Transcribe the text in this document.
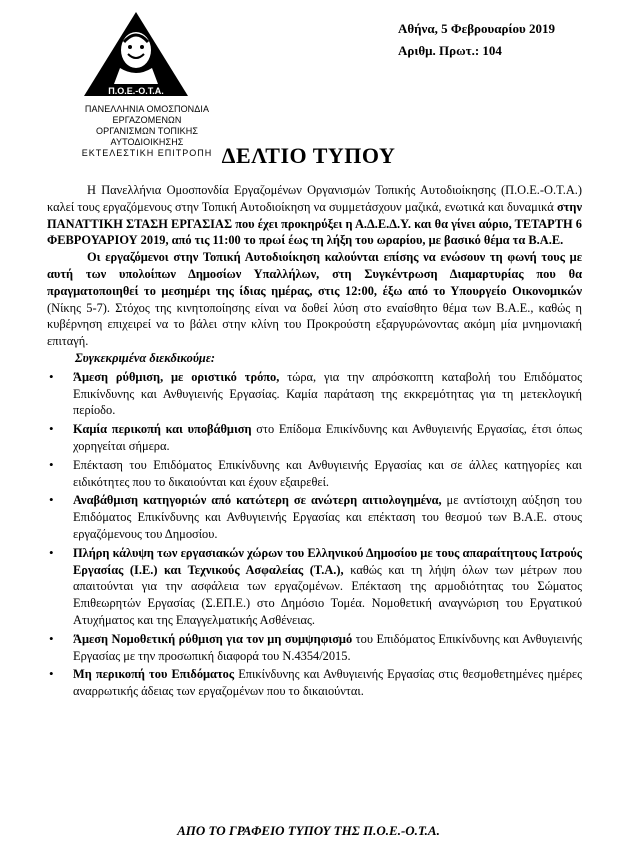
Π.Ο.Ε.-Ο.Τ.Α.
ΠΑΝΕΛΛΗΝΙΑ ΟΜΟΣΠΟΝΔΙΑ ΕΡΓΑΖΟΜΕΝΩΝ
ΟΡΓΑΝΙΣΜΩΝ ΤΟΠΙΚΗΣ ΑΥΤΟΔΙΟΙΚΗΣΗΣ
ΕΚΤΕΛΕΣΤΙΚΗ ΕΠΙΤΡΟΠΗ
Αθήνα, 5 Φεβρουαρίου 2019
Αριθμ. Πρωτ.: 104
ΔΕΛΤΙΟ ΤΥΠΟΥ

Η Πανελλήνια Ομοσπονδία Εργαζομένων Οργανισμών Τοπικής Αυτοδιοίκησης (Π.Ο.Ε.-Ο.Τ.Α.) καλεί τους εργαζόμενους στην Τοπική Αυτοδιοίκηση να συμμετάσχουν μαζικά, ενωτικά και δυναμικά στην ΠΑΝΑΤΤΙΚΗ ΣΤΑΣΗ ΕΡΓΑΣΙΑΣ που έχει προκηρύξει η Α.Δ.Ε.Δ.Υ. και θα γίνει αύριο, ΤΕΤΑΡΤΗ 6 ΦΕΒΡΟΥΑΡΙΟΥ 2019, από τις 11:00 το πρωί έως τη λήξη του ωραρίου, με βασικό θέμα τα Β.Α.Ε.

Οι εργαζόμενοι στην Τοπική Αυτοδιοίκηση καλούνται επίσης να ενώσουν τη φωνή τους με αυτή των υπολοίπων Δημοσίων Υπαλλήλων, στη Συγκέντρωση Διαμαρτυρίας που θα πραγματοποιηθεί το μεσημέρι της ίδιας ημέρας, στις 12:00, έξω από το Υπουργείο Οικονομικών (Νίκης 5-7). Στόχος της κινητοποίησης είναι να δοθεί λύση στο εναίσθητο θέμα των Β.Α.Ε., καθώς η κυβέρνηση επιχειρεί να το βάλει στην κλίνη του Προκρούστη εξαργυρώνοντας ακόμη μία μνημονιακή επιταγή.

Συγκεκριμένα διεκδικούμε:
• Άμεση ρύθμιση, με οριστικό τρόπο, τώρα, για την απρόσκοπτη καταβολή του Επιδόματος Επικίνδυνης και Ανθυγιεινής Εργασίας. Καμία παράταση της εκκρεμότητας για τη μετεκλογική περίοδο.
• Καμία περικοπή και υποβάθμιση στο Επίδομα Επικίνδυνης και Ανθυγιεινής Εργασίας, έτσι όπως χορηγείται σήμερα.
• Επέκταση του Επιδόματος Επικίνδυνης και Ανθυγιεινής Εργασίας και σε άλλες κατηγορίες και ειδικότητες που το δικαιούνται και έχουν εξαιρεθεί.
• Αναβάθμιση κατηγοριών από κατώτερη σε ανώτερη αιτιολογημένα, με αντίστοιχη αύξηση του Επιδόματος Επικίνδυνης και Ανθυγιεινής Εργασίας και επέκταση του θεσμού των Β.Α.Ε. στους εργαζόμενους του Δημοσίου.
• Πλήρη κάλυψη των εργασιακών χώρων του Ελληνικού Δημοσίου με τους απαραίτητους Ιατρούς Εργασίας (Ι.Ε.) και Τεχνικούς Ασφαλείας (Τ.Α.), καθώς και τη λήψη όλων των μέτρων που απαιτούνται για την ασφάλεια των εργαζομένων. Επέκταση της αρμοδιότητας του Σώματος Επιθεωρητών Εργασίας (Σ.ΕΠ.Ε.) στο Δημόσιο Τομέα. Νομοθετική αναγνώριση του Εργατικού Ατυχήματος και της Επαγγελματικής Ασθένειας.
• Άμεση Νομοθετική ρύθμιση για τον μη συμψηφισμό του Επιδόματος Επικίνδυνης και Ανθυγιεινής Εργασίας με την προσωπική διαφορά του Ν.4354/2015.
• Μη περικοπή του Επιδόματος Επικίνδυνης και Ανθυγιεινής Εργασίας στις θεσμοθετημένες ημέρες αναρρωτικής άδειας των εργαζομένων που το δικαιούνται.
ΑΠΟ ΤΟ ΓΡΑΦΕΙΟ ΤΥΠΟΥ ΤΗΣ Π.Ο.Ε.-Ο.Τ.Α.
